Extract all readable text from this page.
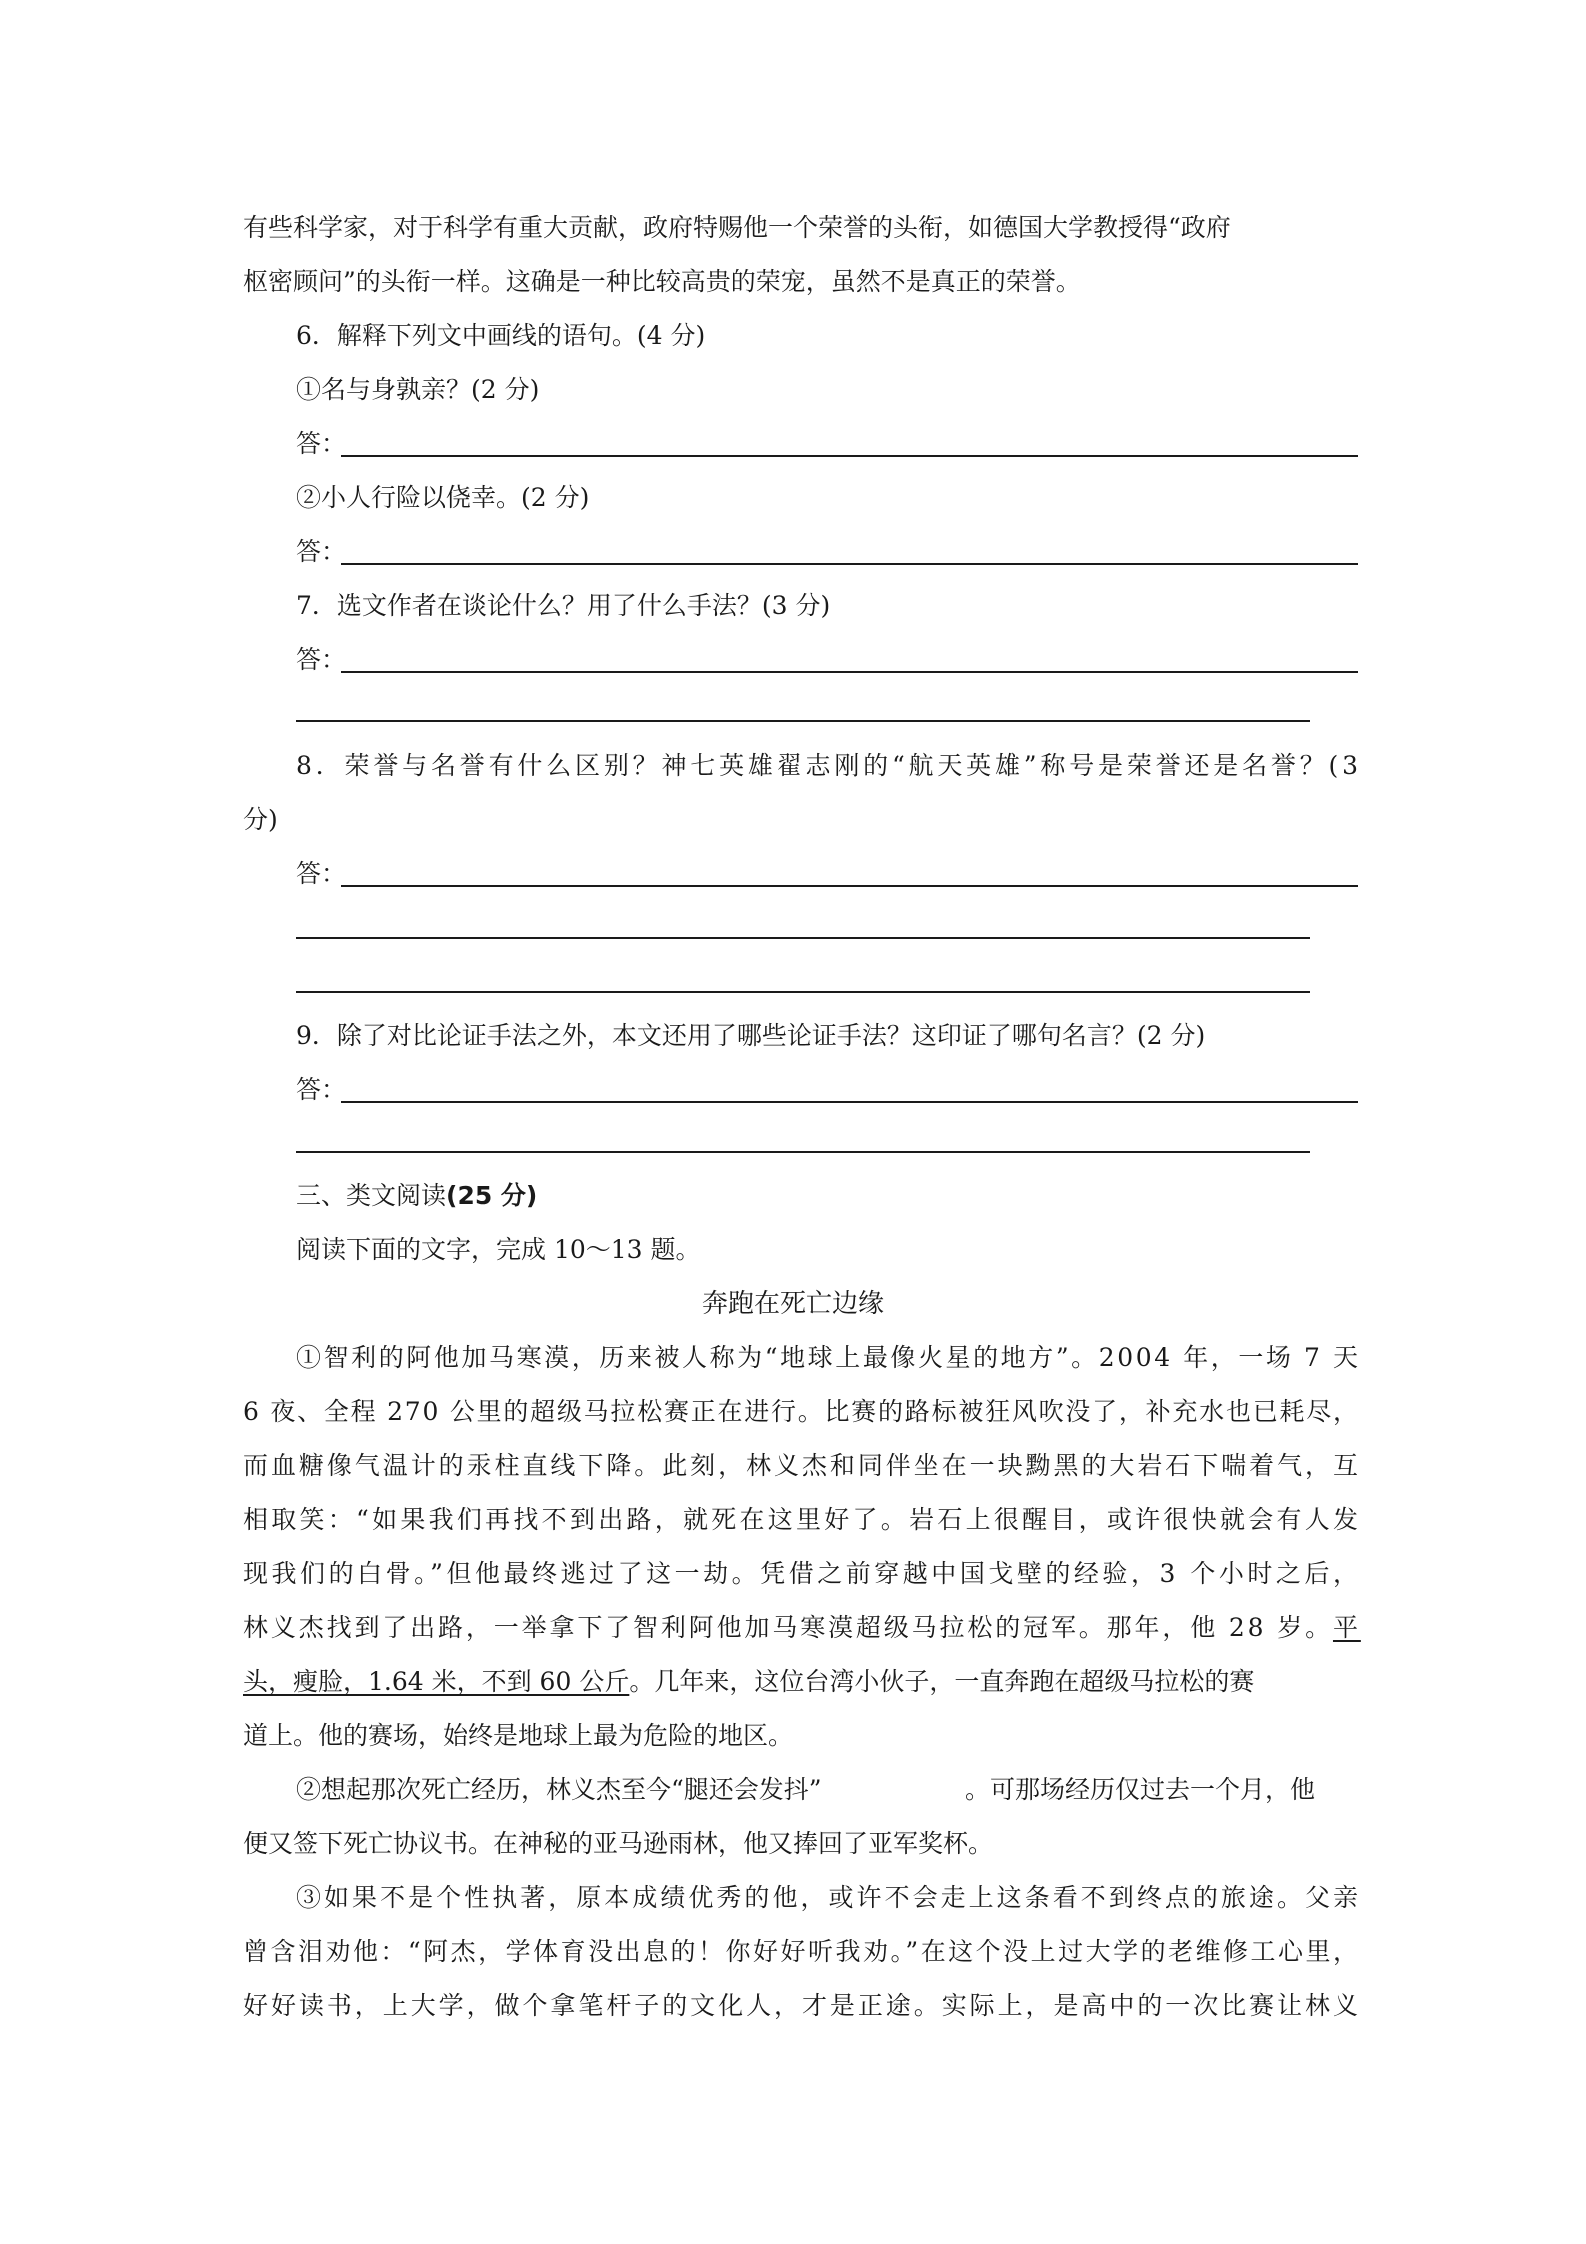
有些科学家，对于科学有重大贡献，政府特赐他一个荣誉的头衔，如德国大学教授得“政府
枢密顾问”的头衔一样。这确是一种比较高贵的荣宠，虽然不是真正的荣誉。
6．解释下列文中画线的语句。(4 分)
①名与身孰亲？(2 分)
答：
②小人行险以侥幸。(2 分)
答：
7．选文作者在谈论什么？用了什么手法？(3 分)
答：
8．荣誉与名誉有什么区别？神七英雄翟志刚的“航天英雄”称号是荣誉还是名誉？(3
分)
答：
9．除了对比论证手法之外，本文还用了哪些论证手法？这印证了哪句名言？(2 分)
答：
三、类文阅读(25 分)
阅读下面的文字，完成 10～13 题。
奔跑在死亡边缘
①智利的阿他加马寒漠，历来被人称为“地球上最像火星的地方”。2004 年，一场 7 天
6 夜、全程 270 公里的超级马拉松赛正在进行。比赛的路标被狂风吹没了，补充水也已耗尽，
而血糖像气温计的汞柱直线下降。此刻，林义杰和同伴坐在一块黝黑的大岩石下喘着气，互
相取笑：“如果我们再找不到出路，就死在这里好了。岩石上很醒目，或许很快就会有人发
现我们的白骨。”但他最终逃过了这一劫。凭借之前穿越中国戈壁的经验，3 个小时之后，
林义杰找到了出路，一举拿下了智利阿他加马寒漠超级马拉松的冠军。那年，他 28 岁。 平
头，瘦脸，1.64 米，不到 60 公斤。几年来，这位台湾小伙子，一直奔跑在超级马拉松的赛
道上。他的赛场，始终是地球上最为危险的地区。
②想起那次死亡经历，林义杰至今“腿还会发抖”	。可那场经历仅过去一个月，他
便又签下死亡协议书。在神秘的亚马逊雨林，他又捧回了亚军奖杯。
③如果不是个性执著，原本成绩优秀的他，或许不会走上这条看不到终点的旅途。父亲
曾含泪劝他：“阿杰，学体育没出息的！你好好听我劝。”在这个没上过大学的老维修工心里，
好好读书，上大学，做个拿笔杆子的文化人，才是正途。实际上，是高中的一次比赛让林义
